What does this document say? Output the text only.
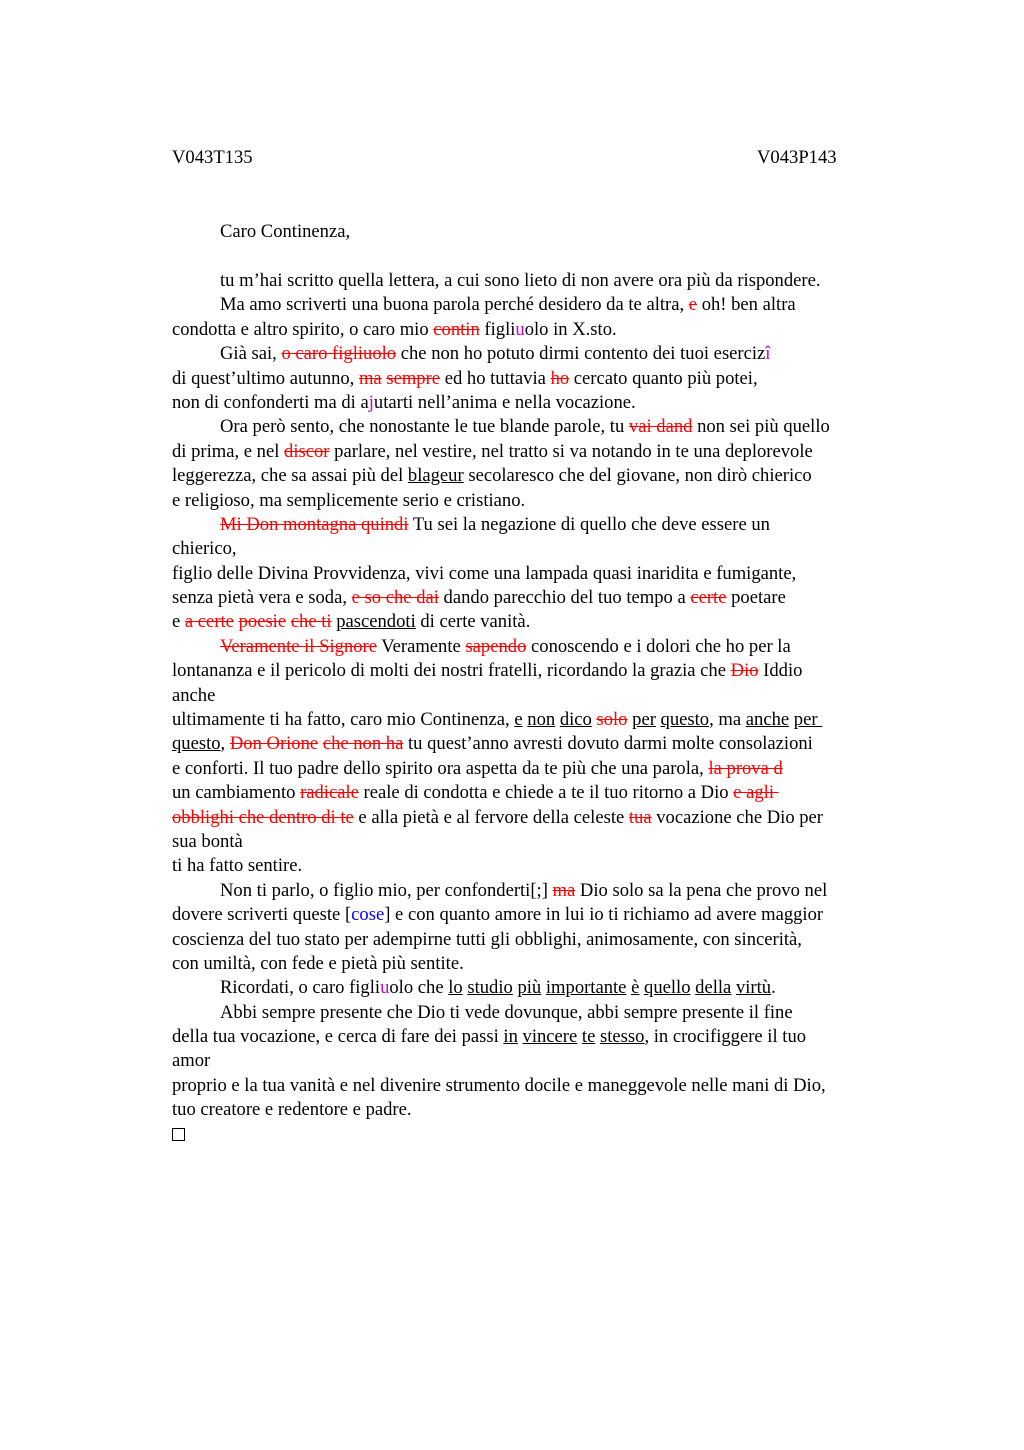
V043T135	V043P143
Caro Continenza,
tu m’hai scritto quella lettera, a cui sono lieto di non avere ora più da rispondere.
Ma amo scriverti una buona parola perché desidero da te altra, e oh! ben altra
condotta e altro spirito, o caro mio contin figliuolo in X.sto.
Già sai, o caro figliuolo che non ho potuto dirmi contento dei tuoi esercizî
di quest’ultimo autunno, ma sempre ed ho tuttavia ho cercato quanto più potei,
non di confonderti ma di ajutarti nell’anima e nella vocazione.
Ora però sento, che nonostante le tue blande parole, tu vai dand non sei più quello
di prima, e nel discor parlare, nel vestire, nel tratto si va notando in te una deplorevole
leggerezza, che sa assai più del blageur secolaresco che del giovane, non dirò chierico
e religioso, ma semplicemente serio e cristiano.
Mi Don montagna quindi Tu sei la negazione di quello che deve essere un
chierico,
figlio delle Divina Provvidenza, vivi come una lampada quasi inaridita e fumigante,
senza pietà vera e soda, e so che dai dando parecchio del tuo tempo a certe poetare
e a certe poesie che ti pascendoti di certe vanità.
Veramente il Signore Veramente sapendo conoscendo e i dolori che ho per la
lontananza e il pericolo di molti dei nostri fratelli, ricordando la grazia che Dio Iddio
anche
ultimamente ti ha fatto, caro mio Continenza, e non dico solo per questo, ma anche per
questo, Don Orione che non ha tu quest’anno avresti dovuto darmi molte consolazioni
e conforti. Il tuo padre dello spirito ora aspetta da te più che una parola, la prova d
un cambiamento radicale reale di condotta e chiede a te il tuo ritorno a Dio e agli
obblighi che dentro di te e alla pietà e al fervore della celeste tua vocazione che Dio per
sua bontà
ti ha fatto sentire.
Non ti parlo, o figlio mio, per confonderti[;] ma Dio solo sa la pena che provo nel
dovere scriverti queste [cose] e con quanto amore in lui io ti richiamo ad avere maggior
coscienza del tuo stato per adempirne tutti gli obblighi, animosamente, con sincerità,
con umiltà, con fede e pietà più sentite.
Ricordati, o caro figliuolo che lo studio più importante è quello della virtù.
Abbi sempre presente che Dio ti vede dovunque, abbi sempre presente il fine
della tua vocazione, e cerca di fare dei passi in vincere te stesso, in crocifiggere il tuo
amor
proprio e la tua vanità e nel divenire strumento docile e maneggevole nelle mani di Dio,
tuo creatore e redentore e padre.
